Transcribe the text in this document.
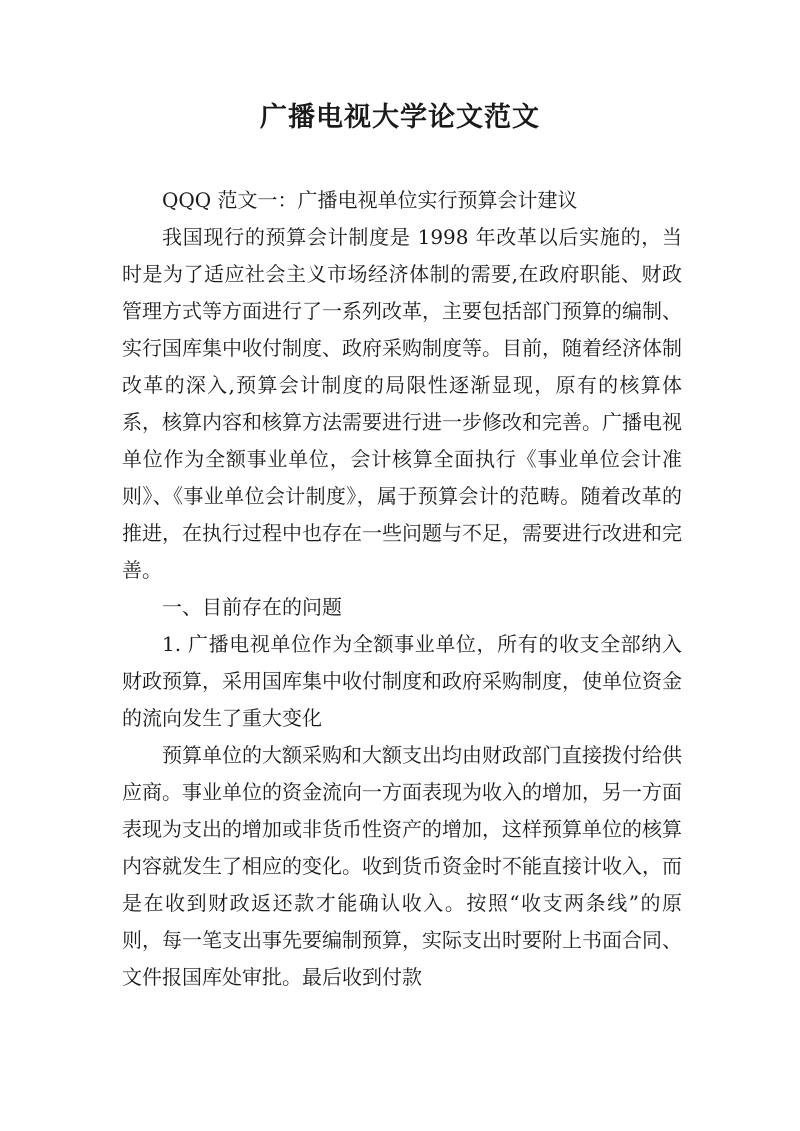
广播电视大学论文范文

QQQ 范文一：广播电视单位实行预算会计建议

我国现行的预算会计制度是 1998 年改革以后实施的，当时是为了适应社会主义市场经济体制的需要,在政府职能、财政管理方式等方面进行了一系列改革，主要包括部门预算的编制、实行国库集中收付制度、政府采购制度等。目前，随着经济体制改革的深入,预算会计制度的局限性逐渐显现，原有的核算体系，核算内容和核算方法需要进行进一步修改和完善。广播电视单位作为全额事业单位，会计核算全面执行《事业单位会计准则》、《事业单位会计制度》，属于预算会计的范畴。随着改革的推进，在执行过程中也存在一些问题与不足，需要进行改进和完善。

一、目前存在的问题

1. 广播电视单位作为全额事业单位，所有的收支全部纳入财政预算，采用国库集中收付制度和政府采购制度，使单位资金的流向发生了重大变化

预算单位的大额采购和大额支出均由财政部门直接拨付给供应商。事业单位的资金流向一方面表现为收入的增加，另一方面表现为支出的增加或非货币性资产的增加，这样预算单位的核算内容就发生了相应的变化。收到货币资金时不能直接计收入，而是在收到财政返还款才能确认收入。按照“收支两条线”的原则，每一笔支出事先要编制预算，实际支出时要附上书面合同、文件报国库处审批。最后收到付款
